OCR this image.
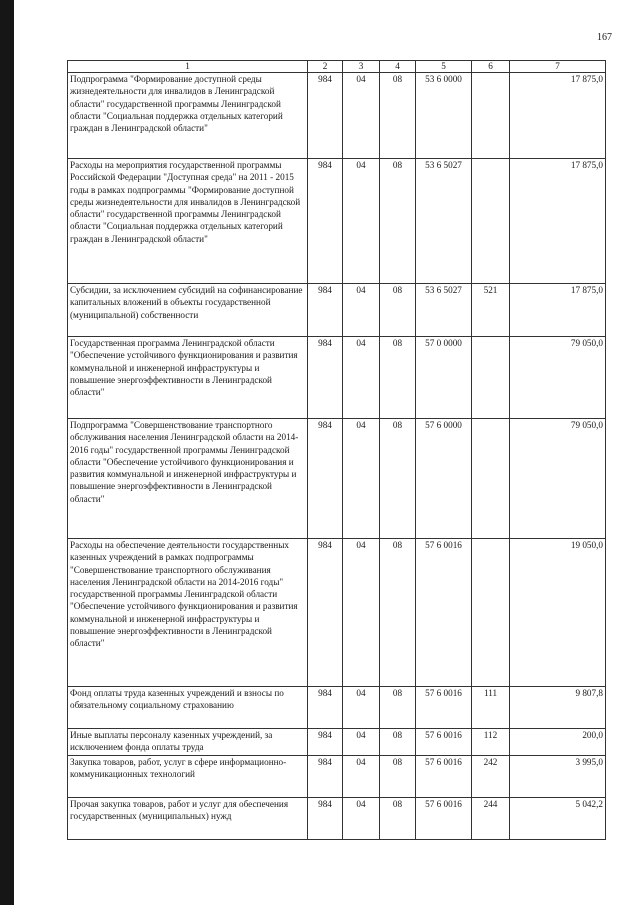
167
1	2	3	4	5	6	7
Подпрограмма "Формирование доступной среды жизнедеятельности для инвалидов в Ленинградской области" государственной программы Ленинградской области "Социальная поддержка отдельных категорий граждан в Ленинградской области"	984	04	08	53 6 0000		17 875,0
Расходы на мероприятия государственной программы Российской Федерации "Доступная среда" на 2011 - 2015 годы в рамках подпрограммы "Формирование доступной среды жизнедеятельности для инвалидов в Ленинградской области" государственной программы Ленинградской области "Социальная поддержка отдельных категорий граждан в Ленинградской области"	984	04	08	53 6 5027		17 875,0
Субсидии, за исключением субсидий на софинансирование капитальных вложений в объекты государственной (муниципальной) собственности	984	04	08	53 6 5027	521	17 875,0
Государственная программа Ленинградской области "Обеспечение устойчивого функционирования и развития коммунальной и инженерной инфраструктуры и повышение энергоэффективности в Ленинградской области"	984	04	08	57 0 0000		79 050,0
Подпрограмма "Совершенствование транспортного обслуживания населения Ленинградской области на 2014-2016 годы" государственной программы Ленинградской области "Обеспечение устойчивого функционирования и развития коммунальной и инженерной инфраструктуры и повышение энергоэффективности в Ленинградской области"	984	04	08	57 6 0000		79 050,0
Расходы на обеспечение деятельности государственных казенных учреждений в рамках подпрограммы "Совершенствование транспортного обслуживания населения Ленинградской области на 2014-2016 годы" государственной программы Ленинградской области "Обеспечение устойчивого функционирования и развития коммунальной и инженерной инфраструктуры и повышение энергоэффективности в Ленинградской области"	984	04	08	57 6 0016		19 050,0
Фонд оплаты труда казенных учреждений и взносы по обязательному социальному страхованию	984	04	08	57 6 0016	111	9 807,8
Иные выплаты персоналу казенных учреждений, за исключением фонда оплаты труда	984	04	08	57 6 0016	112	200,0
Закупка товаров, работ, услуг в сфере информационно-коммуникационных технологий	984	04	08	57 6 0016	242	3 995,0
Прочая закупка товаров, работ и услуг для обеспечения государственных (муниципальных) нужд	984	04	08	57 6 0016	244	5 042,2
